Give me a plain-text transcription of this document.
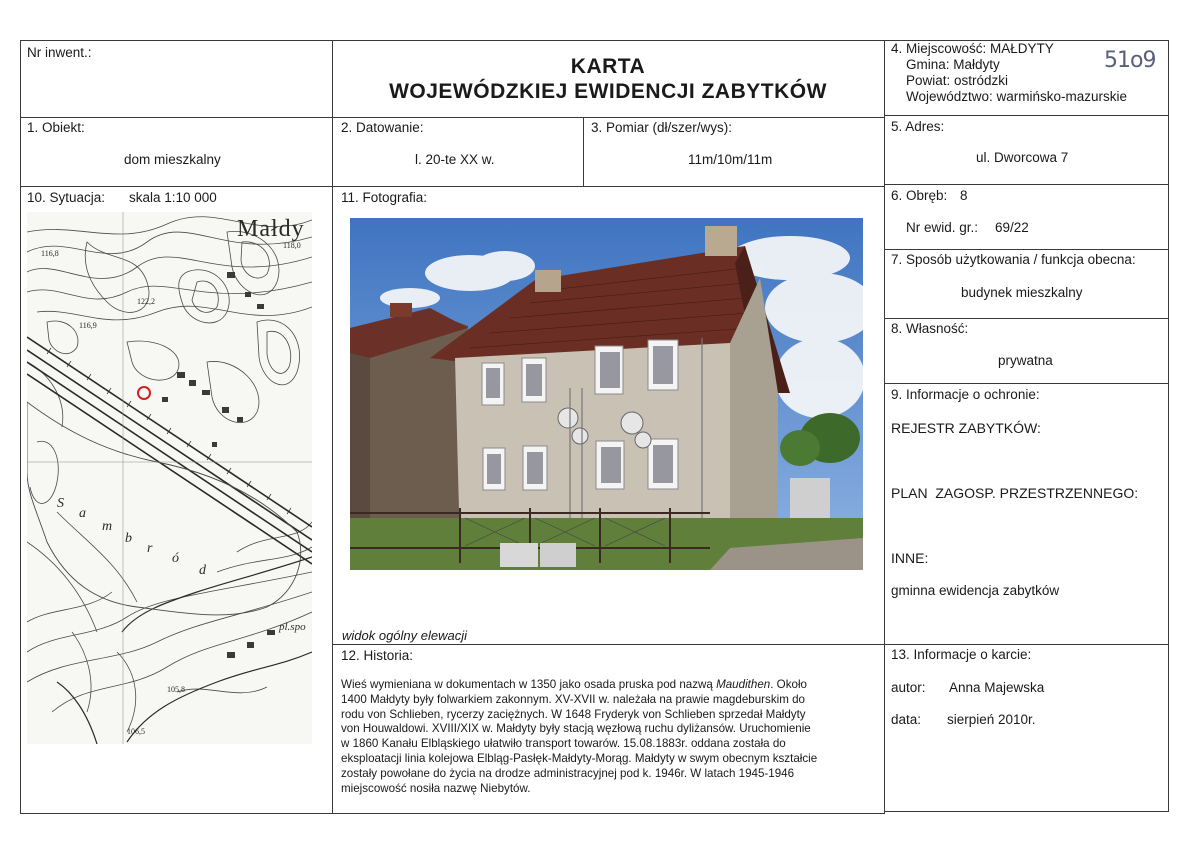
Nr inwent.:
KARTA
WOJEWÓDZKIEJ EWIDENCJI ZABYTKÓW
4. Miejscowość: MAŁDYTY
Gmina: Małdyty
Powiat: ostródzki
Województwo: warmińsko-mazurskie
51o9
1. Obiekt:
dom mieszkalny
2. Datowanie:
l. 20-te XX w.
3. Pomiar (dł/szer/wys):
11m/10m/11m
5. Adres:
ul. Dworcowa 7
10. Sytuacja: skala 1:10 000
Małdy
S
a
m
b
r
ó
d
pl.spo
116,8
118,0
122,2
116,9
105,8
106,5
11. Fotografia:
widok ogólny elewacji
6. Obręb: 8
Nr ewid. gr.: 69/22
7. Sposób użytkowania / funkcja obecna:
budynek mieszkalny
8. Własność:
prywatna
9. Informacje o ochronie:
REJESTR ZABYTKÓW:
PLAN  ZAGOSP. PRZESTRZENNEGO:
INNE:
gminna ewidencja zabytków
12. Historia:
Wieś wymieniana w dokumentach w 1350 jako osada pruska pod nazwą Maudithen. Około
1400 Małdyty były folwarkiem zakonnym. XV-XVII w. należała na prawie magdeburskim do
rodu von Schlieben, rycerzy zaciężnych. W 1648 Fryderyk von Schlieben sprzedał Małdyty
von Houwaldowi. XVIII/XIX w. Małdyty były stacją węzłową ruchu dyliżansów. Uruchomienie
w 1860 Kanału Elbląskiego ułatwiło transport towarów. 15.08.1883r. oddana została do
eksploatacji linia kolejowa Elbląg-Pasłęk-Małdyty-Morąg. Małdyty w swym obecnym kształcie
zostały powołane do życia na drodze administracyjnej pod k. 1946r. W latach 1945-1946
miejscowość nosiła nazwę Niebytów.
13. Informacje o karcie:
autor: Anna Majewska
data: sierpień 2010r.
